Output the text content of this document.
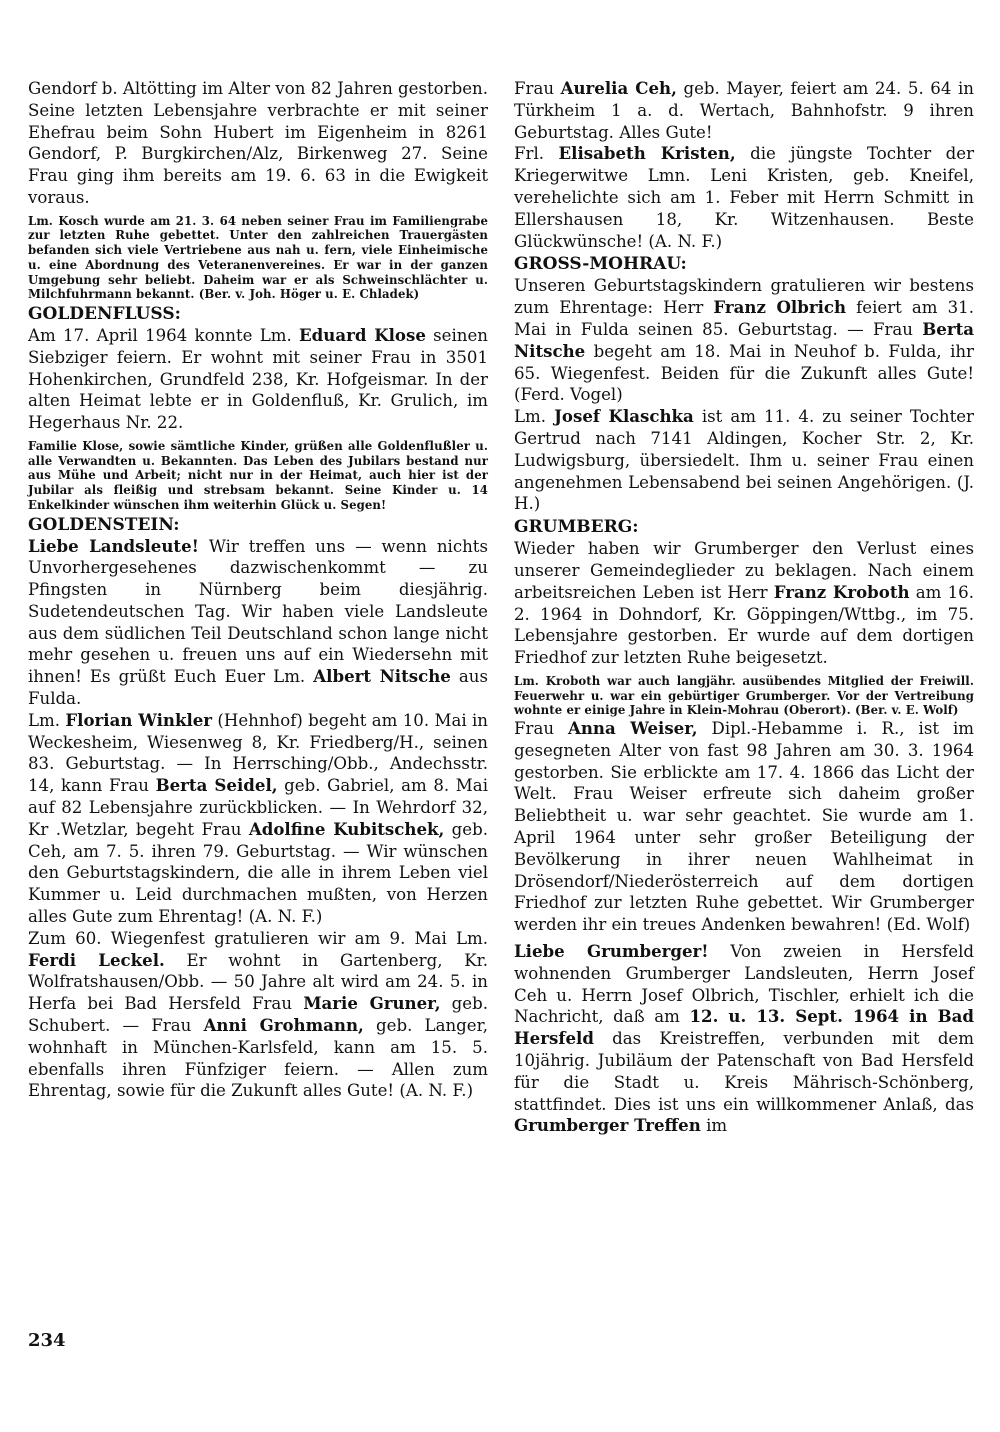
Gendorf b. Altötting im Alter von 82 Jahren gestorben. Seine letzten Lebensjahre verbrachte er mit seiner Ehefrau beim Sohn Hubert im Eigenheim in 8261 Gendorf, P. Burgkirchen/Alz, Birkenweg 27. Seine Frau ging ihm bereits am 19. 6. 63 in die Ewigkeit voraus.

Lm. Kosch wurde am 21. 3. 64 neben seiner Frau im Familiengrabe zur letzten Ruhe gebettet. Unter den zahlreichen Trauergästen befanden sich viele Vertriebene aus nah u. fern, viele Einheimische u. eine Abordnung des Veteranenvereines. Er war in der ganzen Umgebung sehr beliebt. Daheim war er als Schweinschlächter u. Milchfuhrmann bekannt. (Ber. v. Joh. Höger u. E. Chladek)

GOLDENFLUSS:

Am 17. April 1964 konnte Lm. Eduard Klose seinen Siebziger feiern. Er wohnt mit seiner Frau in 3501 Hohenkirchen, Grundfeld 238, Kr. Hofgeismar. In der alten Heimat lebte er in Goldenfluß, Kr. Grulich, im Hegerhaus Nr. 22.

Familie Klose, sowie sämtliche Kinder, grüßen alle Goldenflußler u. alle Verwandten u. Bekannten. Das Leben des Jubilars bestand nur aus Mühe und Arbeit; nicht nur in der Heimat, auch hier ist der Jubilar als fleißig und strebsam bekannt. Seine Kinder u. 14 Enkelkinder wünschen ihm weiterhin Glück u. Segen!

GOLDENSTEIN:

Liebe Landsleute! Wir treffen uns — wenn nichts Unvorhergesehenes dazwischenkommt — zu Pfingsten in Nürnberg beim diesjährig. Sudetendeutschen Tag. Wir haben viele Landsleute aus dem südlichen Teil Deutschland schon lange nicht mehr gesehen u. freuen uns auf ein Wiedersehn mit ihnen! Es grüßt Euch Euer Lm. Albert Nitsche aus Fulda.

Lm. Florian Winkler (Hehnhof) begeht am 10. Mai in Weckesheim, Wiesenweg 8, Kr. Friedberg/H., seinen 83. Geburtstag. — In Herrsching/Obb., Andechsstr. 14, kann Frau Berta Seidel, geb. Gabriel, am 8. Mai auf 82 Lebensjahre zurückblicken. — In Wehrdorf 32, Kr .Wetzlar, begeht Frau Adolfine Kubitschek, geb. Ceh, am 7. 5. ihren 79. Geburtstag. — Wir wünschen den Geburtstagskindern, die alle in ihrem Leben viel Kummer u. Leid durchmachen mußten, von Herzen alles Gute zum Ehrentag! (A. N. F.)

Zum 60. Wiegenfest gratulieren wir am 9. Mai Lm. Ferdi Leckel. Er wohnt in Gartenberg, Kr. Wolfratshausen/Obb. — 50 Jahre alt wird am 24. 5. in Herfa bei Bad Hersfeld Frau Marie Gruner, geb. Schubert. — Frau Anni Grohmann, geb. Langer, wohnhaft in München-Karlsfeld, kann am 15. 5. ebenfalls ihren Fünfziger feiern. — Allen zum Ehrentag, sowie für die Zukunft alles Gute! (A. N. F.)

Frau Aurelia Ceh, geb. Mayer, feiert am 24. 5. 64 in Türkheim 1 a. d. Wertach, Bahnhofstr. 9 ihren Geburtstag. Alles Gute!

Frl. Elisabeth Kristen, die jüngste Tochter der Kriegerwitwe Lmn. Leni Kristen, geb. Kneifel, verehelichte sich am 1. Feber mit Herrn Schmitt in Ellershausen 18, Kr. Witzenhausen. Beste Glückwünsche! (A. N. F.)

GROSS-MOHRAU:

Unseren Geburtstagskindern gratulieren wir bestens zum Ehrentage: Herr Franz Olbrich feiert am 31. Mai in Fulda seinen 85. Geburtstag. — Frau Berta Nitsche begeht am 18. Mai in Neuhof b. Fulda, ihr 65. Wiegenfest. Beiden für die Zukunft alles Gute! (Ferd. Vogel)

Lm. Josef Klaschka ist am 11. 4. zu seiner Tochter Gertrud nach 7141 Aldingen, Kocher Str. 2, Kr. Ludwigsburg, übersiedelt. Ihm u. seiner Frau einen angenehmen Lebensabend bei seinen Angehörigen. (J. H.)

GRUMBERG:

Wieder haben wir Grumberger den Verlust eines unserer Gemeindeglieder zu beklagen. Nach einem arbeitsreichen Leben ist Herr Franz Kroboth am 16. 2. 1964 in Dohndorf, Kr. Göppingen/Wttbg., im 75. Lebensjahre gestorben. Er wurde auf dem dortigen Friedhof zur letzten Ruhe beigesetzt.

Lm. Kroboth war auch langjähr. ausübendes Mitglied der Freiwill. Feuerwehr u. war ein gebürtiger Grumberger. Vor der Vertreibung wohnte er einige Jahre in Klein-Mohrau (Oberort). (Ber. v. E. Wolf)

Frau Anna Weiser, Dipl.-Hebamme i. R., ist im gesegneten Alter von fast 98 Jahren am 30. 3. 1964 gestorben. Sie erblickte am 17. 4. 1866 das Licht der Welt. Frau Weiser erfreute sich daheim großer Beliebtheit u. war sehr geachtet. Sie wurde am 1. April 1964 unter sehr großer Beteiligung der Bevölkerung in ihrer neuen Wahlheimat in Drösendorf/Niederösterreich auf dem dortigen Friedhof zur letzten Ruhe gebettet. Wir Grumberger werden ihr ein treues Andenken bewahren! (Ed. Wolf)

Liebe Grumberger! Von zweien in Hersfeld wohnenden Grumberger Landsleuten, Herrn Josef Ceh u. Herrn Josef Olbrich, Tischler, erhielt ich die Nachricht, daß am 12. u. 13. Sept. 1964 in Bad Hersfeld das Kreistreffen, verbunden mit dem 10jährig. Jubiläum der Patenschaft von Bad Hersfeld für die Stadt u. Kreis Mährisch-Schönberg, stattfindet. Dies ist uns ein willkommener Anlaß, das Grumberger Treffen im

234
